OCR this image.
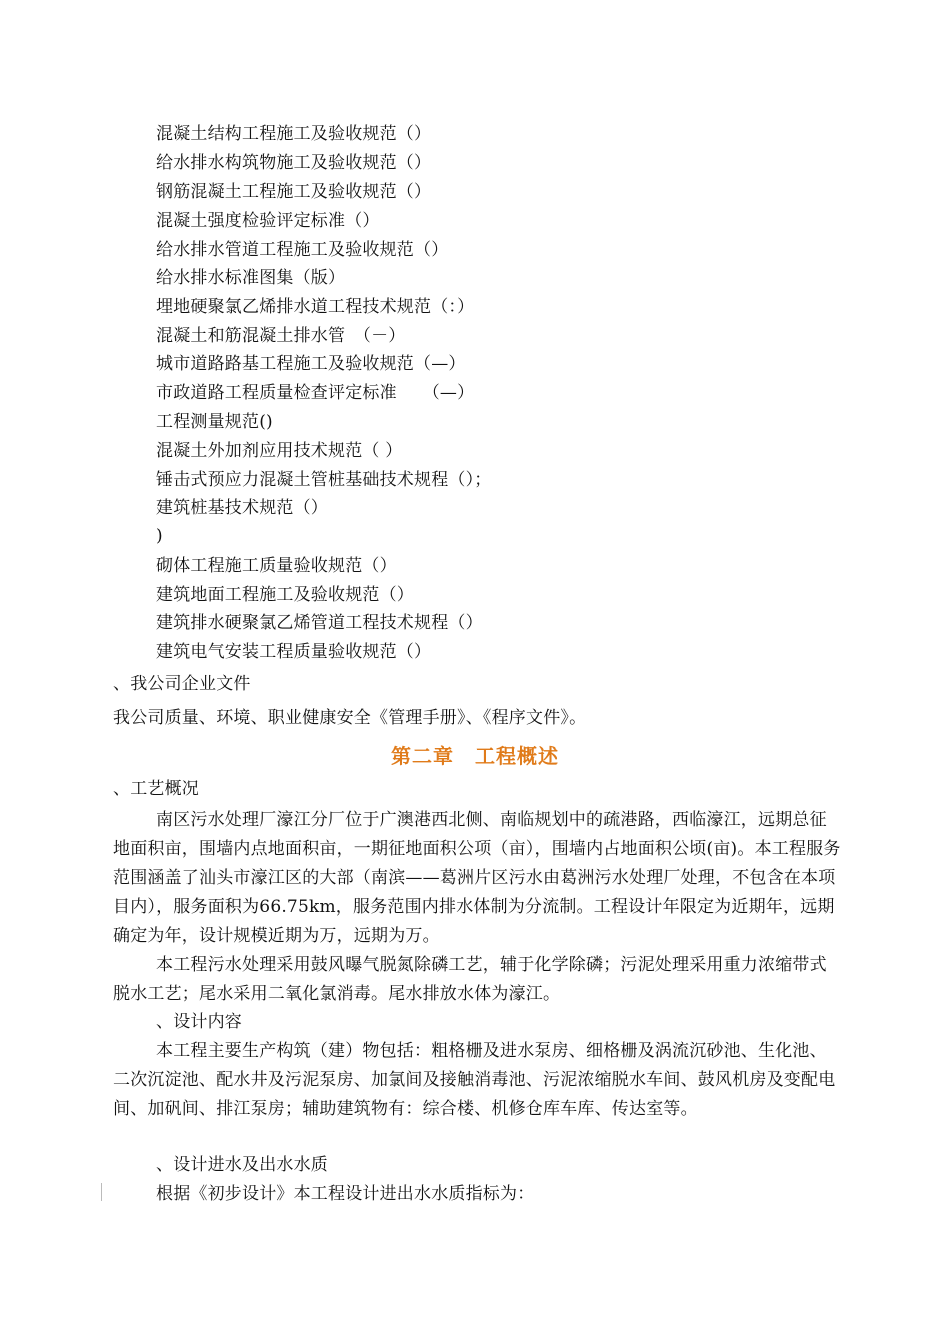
混凝土结构工程施工及验收规范（）
给水排水构筑物施工及验收规范（）
钢筋混凝土工程施工及验收规范（）
混凝土强度检验评定标准（）
给水排水管道工程施工及验收规范（）
给水排水标准图集（版）
埋地硬聚氯乙烯排水道工程技术规范（：）
混凝土和筋混凝土排水管　（－）
城市道路路基工程施工及验收规范（—）
市政道路工程质量检查评定标准　　（—）
工程测量规范()
混凝土外加剂应用技术规范（ ）
锤击式预应力混凝土管桩基础技术规程（）；
建筑桩基技术规范（）
)
砌体工程施工质量验收规范（）
建筑地面工程施工及验收规范（）
建筑排水硬聚氯乙烯管道工程技术规程（）
建筑电气安装工程质量验收规范（）
、我公司企业文件
我公司质量、环境、职业健康安全《管理手册》、《程序文件》。
第二章　工程概述
、工艺概况
南区污水处理厂濠江分厂位于广澳港西北侧、南临规划中的疏港路，西临濠江，远期总征地面积亩，围墙内点地面积亩，一期征地面积公项（亩），围墙内占地面积公顷(亩)。本工程服务范围涵盖了汕头市濠江区的大部（南滨——葛洲片区污水由葛洲污水处理厂处理，不包含在本项目内），服务面积为66.75km，服务范围内排水体制为分流制。工程设计年限定为近期年，远期确定为年，设计规模近期为万，远期为万。
本工程污水处理采用鼓风曝气脱氮除磷工艺，辅于化学除磷；污泥处理采用重力浓缩带式脱水工艺；尾水采用二氧化氯消毒。尾水排放水体为濠江。
、设计内容
本工程主要生产构筑（建）物包括：粗格栅及进水泵房、细格栅及涡流沉砂池、生化池、二次沉淀池、配水井及污泥泵房、加氯间及接触消毒池、污泥浓缩脱水车间、鼓风机房及变配电间、加矾间、排江泵房；辅助建筑物有：综合楼、机修仓库车库、传达室等。
、设计进水及出水水质
根据《初步设计》本工程设计进出水水质指标为：
